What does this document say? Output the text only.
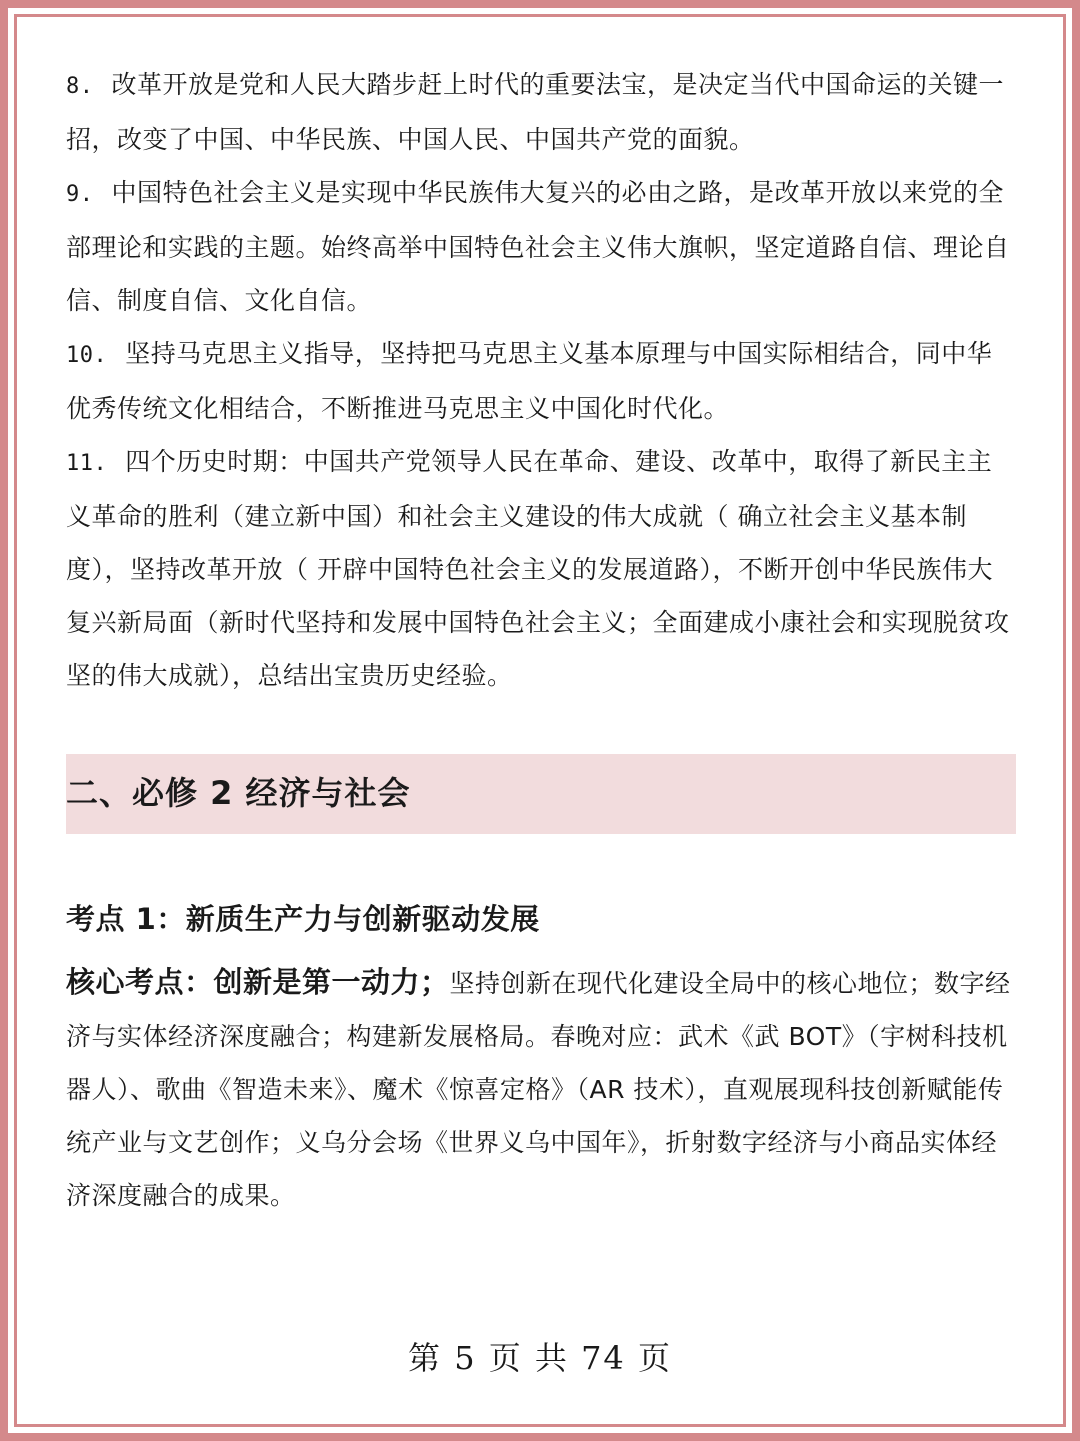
8. 改革开放是党和人民大踏步赶上时代的重要法宝，是决定当代中国命运的关键一招，改变了中国、中华民族、中国人民、中国共产党的面貌。

9. 中国特色社会主义是实现中华民族伟大复兴的必由之路，是改革开放以来党的全部理论和实践的主题。始终高举中国特色社会主义伟大旗帜，坚定道路自信、理论自信、制度自信、文化自信。

10. 坚持马克思主义指导，坚持把马克思主义基本原理与中国实际相结合，同中华优秀传统文化相结合，不断推进马克思主义中国化时代化。

11. 四个历史时期：中国共产党领导人民在革命、建设、改革中，取得了新民主主义革命的胜利（建立新中国）和社会主义建设的伟大成就（ 确立社会主义基本制度），坚持改革开放（ 开辟中国特色社会主义的发展道路），不断开创中华民族伟大复兴新局面（新时代坚持和发展中国特色社会主义；全面建成小康社会和实现脱贫攻坚的伟大成就），总结出宝贵历史经验。

二、必修 2 经济与社会
考点 1：新质生产力与创新驱动发展

核心考点：创新是第一动力；坚持创新在现代化建设全局中的核心地位；数字经济与实体经济深度融合；构建新发展格局。春晚对应：武术《武 BOT》（宇树科技机器人）、歌曲《智造未来》、魔术《惊喜定格》（AR 技术），直观展现科技创新赋能传统产业与文艺创作；义乌分会场《世界义乌中国年》，折射数字经济与小商品实体经济深度融合的成果。

第 5 页 共 74 页
